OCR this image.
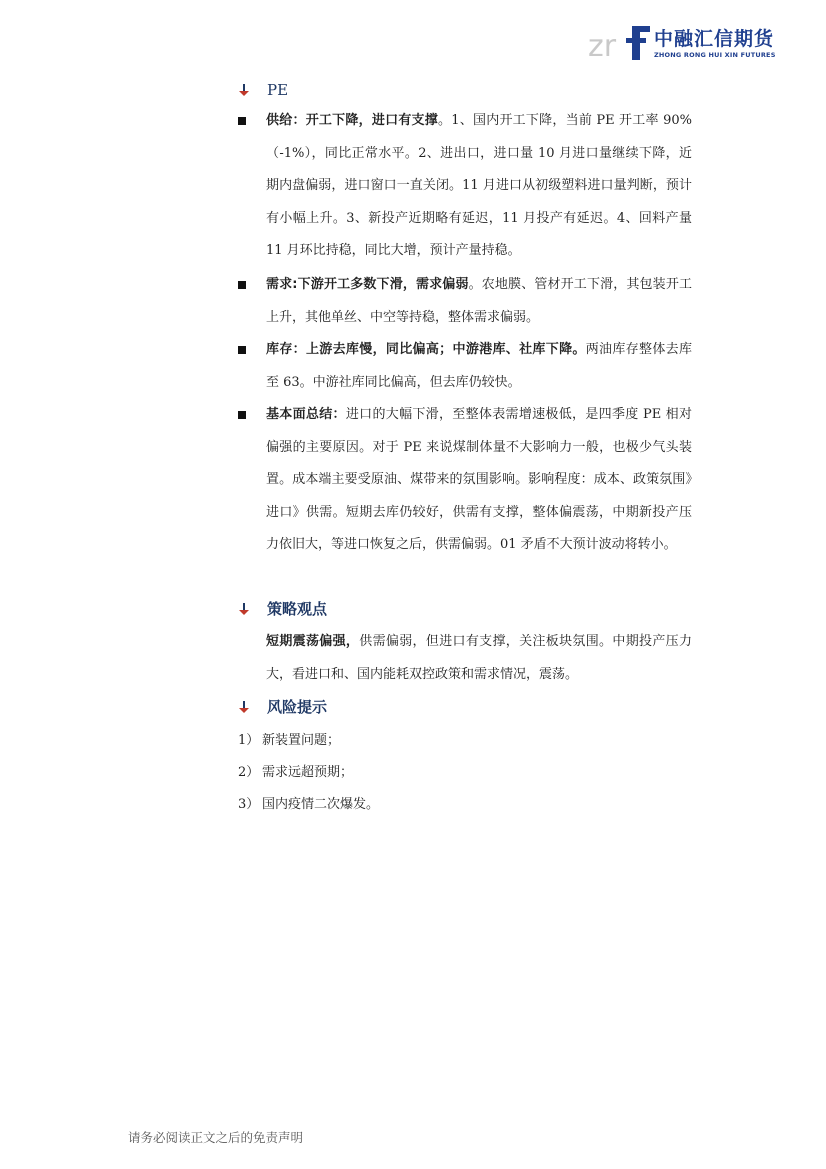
zr 中融汇信期货
ZHONG RONG HUI XIN FUTURES
PE
供给：开工下降，进口有支撑。1、国内开工下降，当前 PE 开工率 90%（-1%），同比正常水平。2、进出口，进口量 10 月进口量继续下降，近期内盘偏弱，进口窗口一直关闭。11 月进口从初级塑料进口量判断，预计有小幅上升。3、新投产近期略有延迟，11 月投产有延迟。4、回料产量 11 月环比持稳，同比大增，预计产量持稳。
需求:下游开工多数下滑，需求偏弱。农地膜、管材开工下滑，其包装开工上升，其他单丝、中空等持稳，整体需求偏弱。
库存：上游去库慢，同比偏高；中游港库、社库下降。两油库存整体去库至 63。中游社库同比偏高，但去库仍较快。
基本面总结：进口的大幅下滑，至整体表需增速极低，是四季度 PE 相对偏强的主要原因。对于 PE 来说煤制体量不大影响力一般，也极少气头装置。成本端主要受原油、煤带来的氛围影响。影响程度：成本、政策氛围》进口》供需。短期去库仍较好，供需有支撑，整体偏震荡，中期新投产压力依旧大，等进口恢复之后，供需偏弱。01 矛盾不大预计波动将转小。
策略观点
短期震荡偏强，供需偏弱，但进口有支撑，关注板块氛围。中期投产压力大，看进口和、国内能耗双控政策和需求情况，震荡。
风险提示
1） 新装置问题；
2） 需求远超预期；
3） 国内疫情二次爆发。
请务必阅读正文之后的免责声明
